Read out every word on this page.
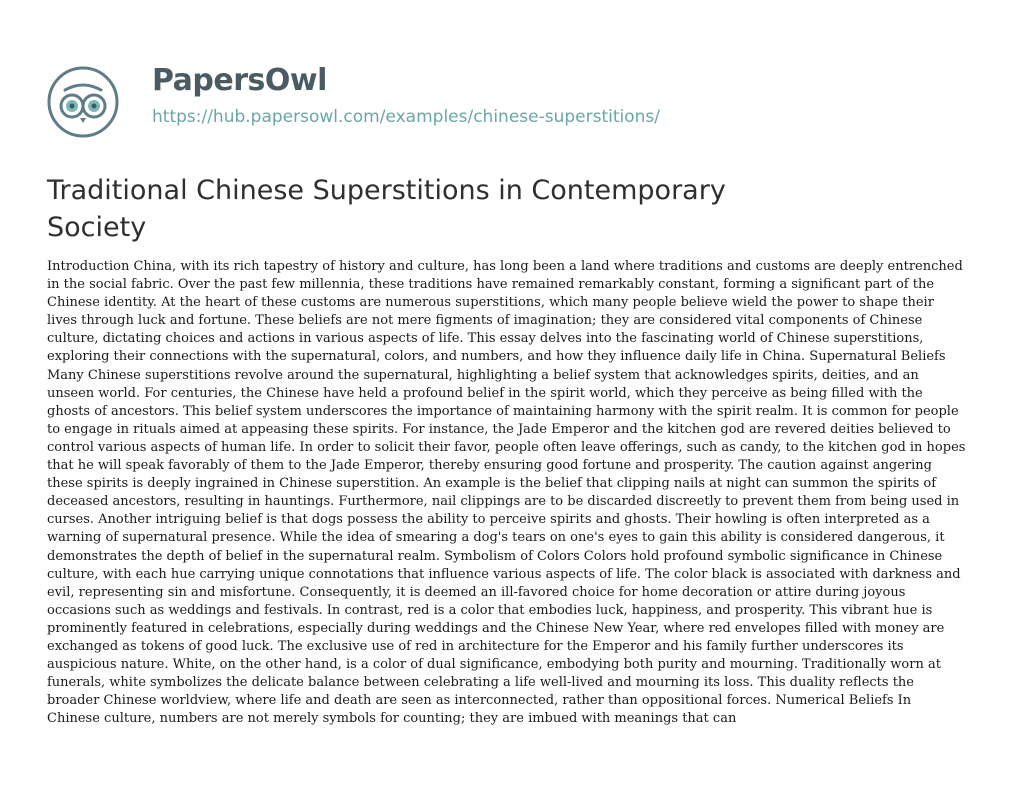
PapersOwl
https://hub.papersowl.com/examples/chinese-superstitions/
Traditional Chinese Superstitions in Contemporary Society

Introduction China, with its rich tapestry of history and culture, has long been a land where traditions and customs are deeply entrenched in the social fabric. Over the past few millennia, these traditions have remained remarkably constant, forming a significant part of the Chinese identity. At the heart of these customs are numerous superstitions, which many people believe wield the power to shape their lives through luck and fortune. These beliefs are not mere figments of imagination; they are considered vital components of Chinese culture, dictating choices and actions in various aspects of life. This essay delves into the fascinating world of Chinese superstitions, exploring their connections with the supernatural, colors, and numbers, and how they influence daily life in China. Supernatural Beliefs Many Chinese superstitions revolve around the supernatural, highlighting a belief system that acknowledges spirits, deities, and an unseen world. For centuries, the Chinese have held a profound belief in the spirit world, which they perceive as being filled with the ghosts of ancestors. This belief system underscores the importance of maintaining harmony with the spirit realm. It is common for people to engage in rituals aimed at appeasing these spirits. For instance, the Jade Emperor and the kitchen god are revered deities believed to control various aspects of human life. In order to solicit their favor, people often leave offerings, such as candy, to the kitchen god in hopes that he will speak favorably of them to the Jade Emperor, thereby ensuring good fortune and prosperity. The caution against angering these spirits is deeply ingrained in Chinese superstition. An example is the belief that clipping nails at night can summon the spirits of deceased ancestors, resulting in hauntings. Furthermore, nail clippings are to be discarded discreetly to prevent them from being used in curses. Another intriguing belief is that dogs possess the ability to perceive spirits and ghosts. Their howling is often interpreted as a warning of supernatural presence. While the idea of smearing a dog's tears on one's eyes to gain this ability is considered dangerous, it demonstrates the depth of belief in the supernatural realm. Symbolism of Colors Colors hold profound symbolic significance in Chinese culture, with each hue carrying unique connotations that influence various aspects of life. The color black is associated with darkness and evil, representing sin and misfortune. Consequently, it is deemed an ill-favored choice for home decoration or attire during joyous occasions such as weddings and festivals. In contrast, red is a color that embodies luck, happiness, and prosperity. This vibrant hue is prominently featured in celebrations, especially during weddings and the Chinese New Year, where red envelopes filled with money are exchanged as tokens of good luck. The exclusive use of red in architecture for the Emperor and his family further underscores its auspicious nature. White, on the other hand, is a color of dual significance, embodying both purity and mourning. Traditionally worn at funerals, white symbolizes the delicate balance between celebrating a life well-lived and mourning its loss. This duality reflects the broader Chinese worldview, where life and death are seen as interconnected, rather than oppositional forces. Numerical Beliefs In Chinese culture, numbers are not merely symbols for counting; they are imbued with meanings that can
